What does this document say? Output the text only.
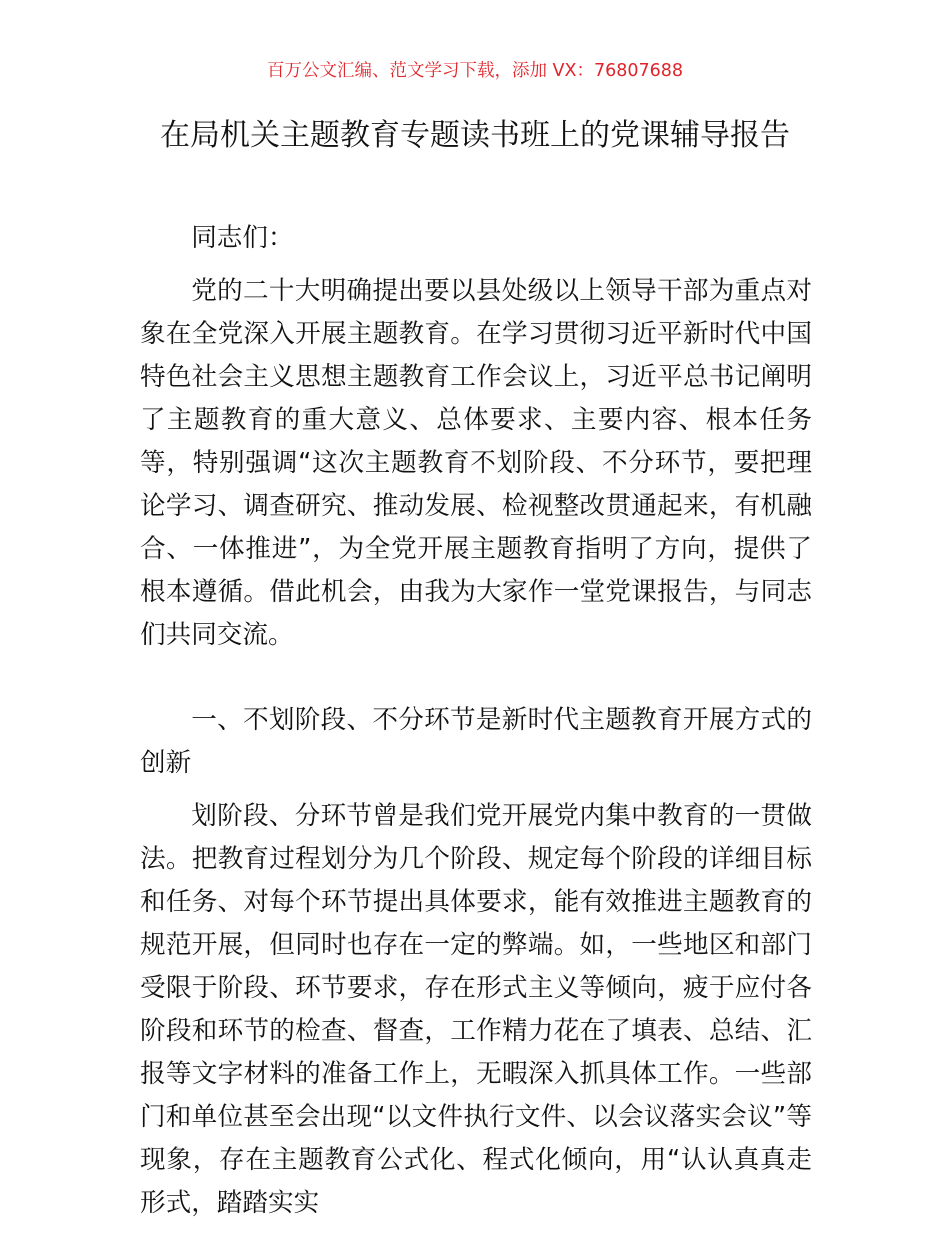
百万公文汇编、范文学习下载，添加 VX：76807688
在局机关主题教育专题读书班上的党课辅导报告

同志们：

党的二十大明确提出要以县处级以上领导干部为重点对象在全党深入开展主题教育。在学习贯彻习近平新时代中国特色社会主义思想主题教育工作会议上，习近平总书记阐明了主题教育的重大意义、总体要求、主要内容、根本任务等，特别强调“这次主题教育不划阶段、不分环节，要把理论学习、调查研究、推动发展、检视整改贯通起来，有机融合、一体推进”，为全党开展主题教育指明了方向，提供了根本遵循。借此机会，由我为大家作一堂党课报告，与同志们共同交流。

一、不划阶段、不分环节是新时代主题教育开展方式的创新

划阶段、分环节曾是我们党开展党内集中教育的一贯做法。把教育过程划分为几个阶段、规定每个阶段的详细目标和任务、对每个环节提出具体要求，能有效推进主题教育的规范开展，但同时也存在一定的弊端。如，一些地区和部门受限于阶段、环节要求，存在形式主义等倾向，疲于应付各阶段和环节的检查、督查，工作精力花在了填表、总结、汇报等文字材料的准备工作上，无暇深入抓具体工作。一些部门和单位甚至会出现“以文件执行文件、以会议落实会议”等现象，存在主题教育公式化、程式化倾向，用“认认真真走形式，踏踏实实
